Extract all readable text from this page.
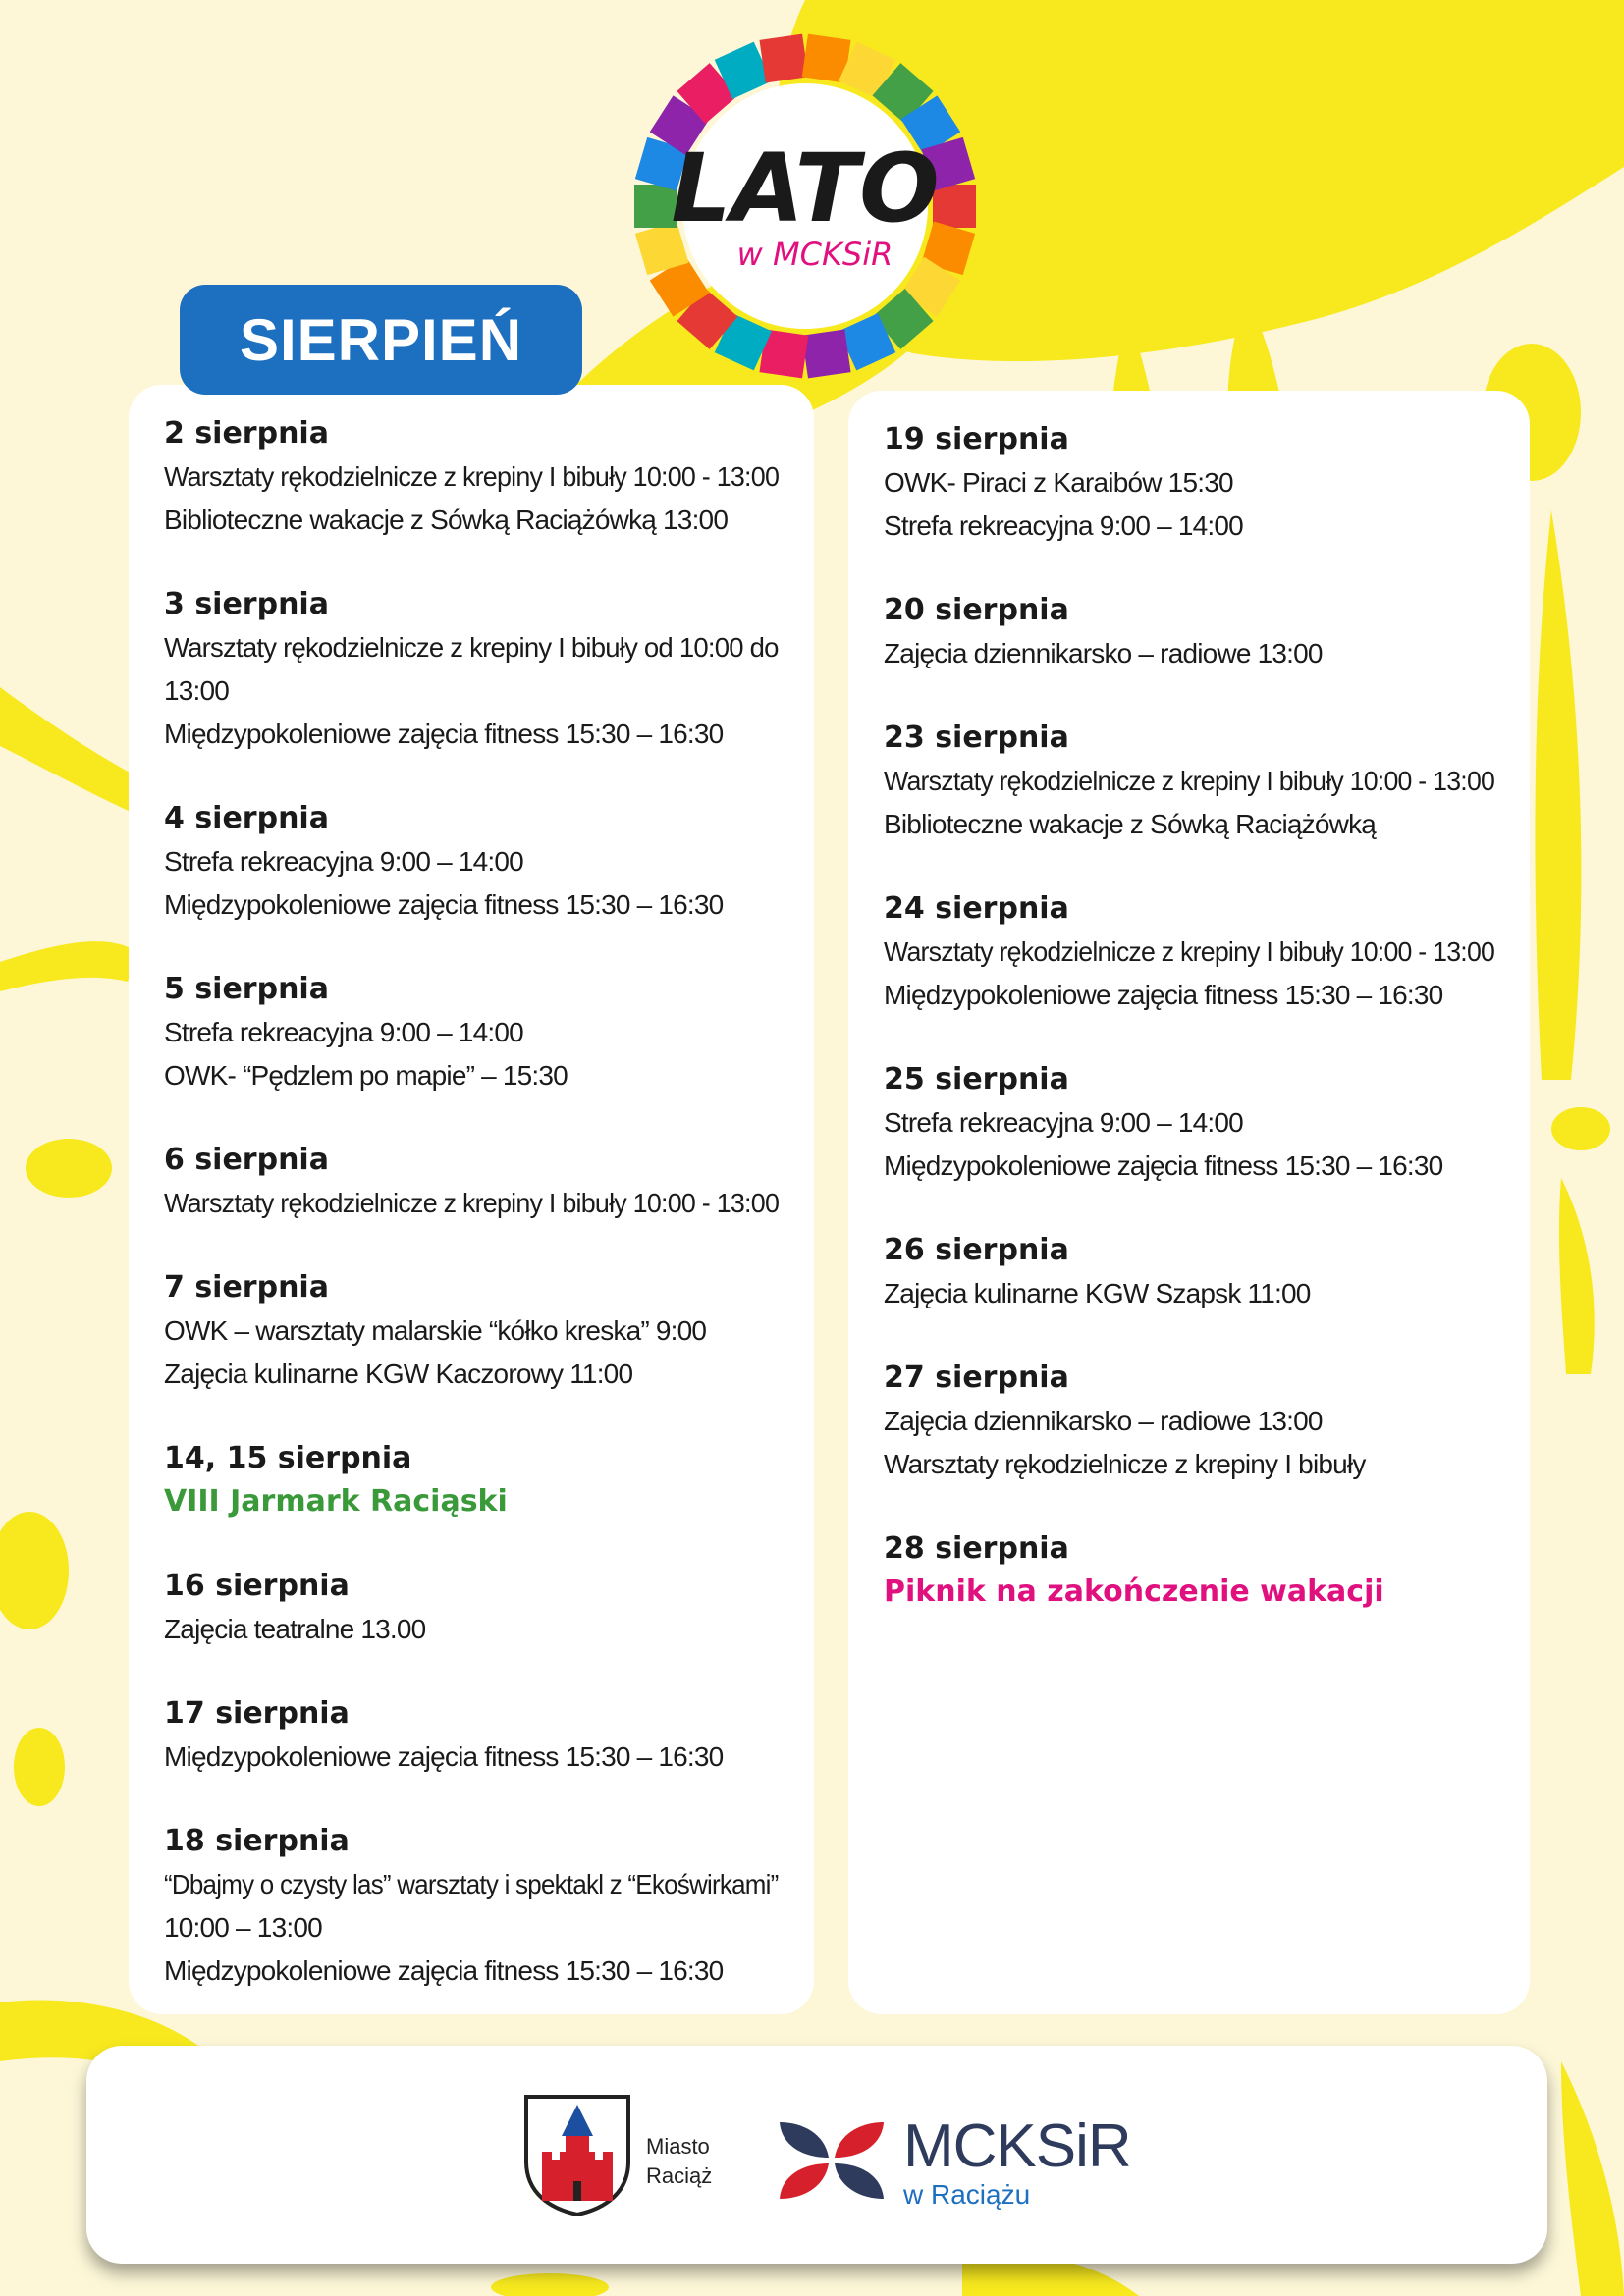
LATO
w MCKSiR
SIERPIEŃ
2 sierpnia
Warsztaty rękodzielnicze z krepiny I bibuły 10:00 - 13:00
Biblioteczne wakacje z Sówką Raciążówką 13:00
3 sierpnia
Warsztaty rękodzielnicze z krepiny I bibuły od 10:00 do
13:00
Międzypokoleniowe zajęcia fitness 15:30 – 16:30
4 sierpnia
Strefa rekreacyjna 9:00 – 14:00
Międzypokoleniowe zajęcia fitness 15:30 – 16:30
5 sierpnia
Strefa rekreacyjna 9:00 – 14:00
OWK- “Pędzlem po mapie” – 15:30
6 sierpnia
Warsztaty rękodzielnicze z krepiny I bibuły 10:00 - 13:00
7 sierpnia
OWK – warsztaty malarskie “kółko kreska” 9:00
Zajęcia kulinarne KGW Kaczorowy 11:00
14, 15 sierpnia
VIII Jarmark Raciąski
16 sierpnia
Zajęcia teatralne 13.00
17 sierpnia
Międzypokoleniowe zajęcia fitness 15:30 – 16:30
18 sierpnia
“Dbajmy o czysty las” warsztaty i spektakl z “Ekoświrkami”
10:00 – 13:00
Międzypokoleniowe zajęcia fitness 15:30 – 16:30
19 sierpnia
OWK- Piraci z Karaibów 15:30
Strefa rekreacyjna 9:00 – 14:00
20 sierpnia
Zajęcia dziennikarsko – radiowe 13:00
23 sierpnia
Warsztaty rękodzielnicze z krepiny I bibuły 10:00 - 13:00
Biblioteczne wakacje z Sówką Raciążówką
24 sierpnia
Warsztaty rękodzielnicze z krepiny I bibuły 10:00 - 13:00
Międzypokoleniowe zajęcia fitness 15:30 – 16:30
25 sierpnia
Strefa rekreacyjna 9:00 – 14:00
Międzypokoleniowe zajęcia fitness 15:30 – 16:30
26 sierpnia
Zajęcia kulinarne KGW Szapsk 11:00
27 sierpnia
Zajęcia dziennikarsko – radiowe 13:00
Warsztaty rękodzielnicze z krepiny I bibuły
28 sierpnia
Piknik na zakończenie wakacji
Miasto
Raciąż	MCKSiR
w Raciążu
